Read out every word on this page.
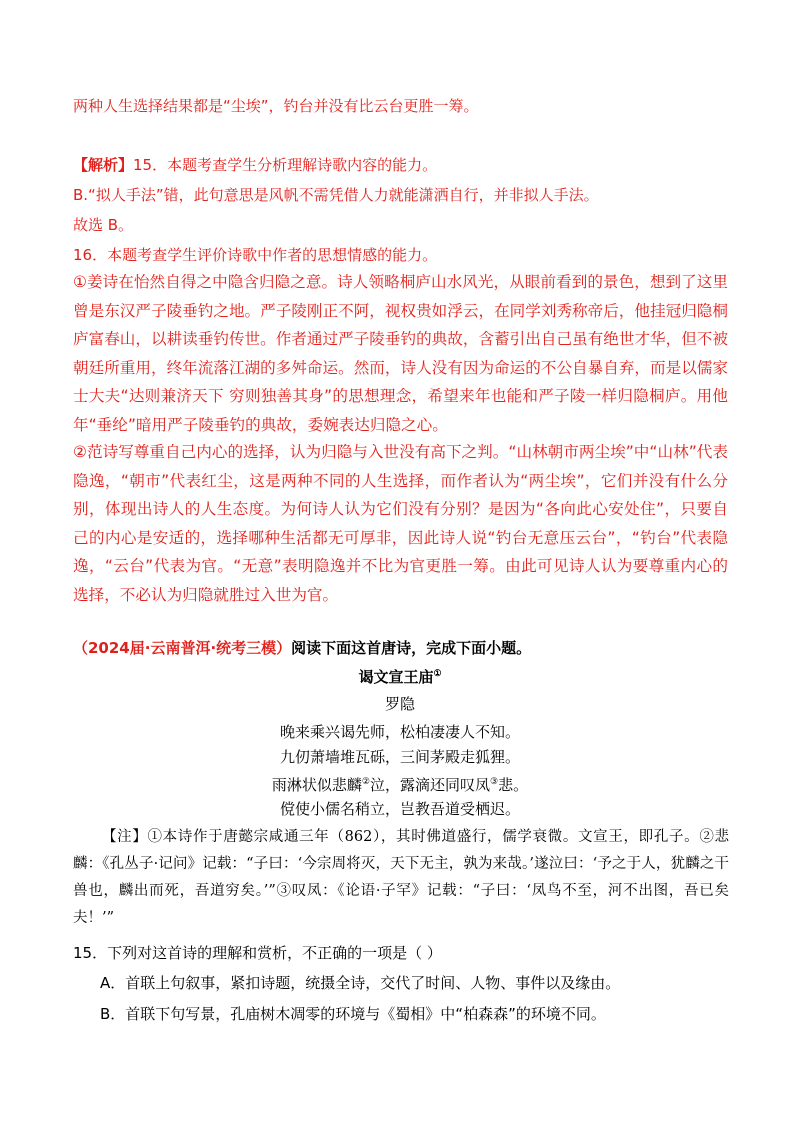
两种人生选择结果都是“尘埃”，钓台并没有比云台更胜一筹。
【解析】15．本题考查学生分析理解诗歌内容的能力。
B.“拟人手法”错，此句意思是风帆不需凭借人力就能潇洒自行，并非拟人手法。
故选 B。
16．本题考查学生评价诗歌中作者的思想情感的能力。
①姜诗在怡然自得之中隐含归隐之意。诗人领略桐庐山水风光，从眼前看到的景色，想到了这里曾是东汉严子陵垂钓之地。严子陵刚正不阿，视权贵如浮云，在同学刘秀称帝后，他挂冠归隐桐庐富春山，以耕读垂钓传世。作者通过严子陵垂钓的典故，含蓄引出自己虽有绝世才华，但不被朝廷所重用，终年流落江湖的多舛命运。然而，诗人没有因为命运的不公自暴自弃，而是以儒家士大夫“达则兼济天下 穷则独善其身”的思想理念，希望来年也能和严子陵一样归隐桐庐。用他年“垂纶”暗用严子陵垂钓的典故，委婉表达归隐之心。
②范诗写尊重自己内心的选择，认为归隐与入世没有高下之判。“山林朝市两尘埃”中“山林”代表隐逸，“朝市”代表红尘，这是两种不同的人生选择，而作者认为“两尘埃”，它们并没有什么分别，体现出诗人的人生态度。为何诗人认为它们没有分别？是因为“各向此心安处住”，只要自己的内心是安适的，选择哪种生活都无可厚非，因此诗人说“钓台无意压云台”，“钓台”代表隐逸，“云台”代表为官。“无意”表明隐逸并不比为官更胜一筹。由此可见诗人认为要尊重内心的选择，不必认为归隐就胜过入世为官。
（2024届·云南普洱·统考三模）阅读下面这首唐诗，完成下面小题。
谒文宣王庙①
罗隐
晚来乘兴谒先师，松柏凄凄人不知。
九仞萧墙堆瓦砾，三间茅殿走狐狸。
雨淋状似悲麟②泣，露滴还同叹凤③悲。
傥使小儒名稍立，岂教吾道受栖迟。
【注】①本诗作于唐懿宗咸通三年（862），其时佛道盛行，儒学衰微。文宣王，即孔子。②悲麟：《孔丛子·记问》记载：“子曰：‘今宗周将灭，天下无主，孰为来哉。’遂泣曰：‘予之于人，犹麟之干兽也，麟出而死，吾道穷矣。’”③叹凤：《论语·子罕》记载：“子曰：‘凤鸟不至，河不出图，吾已矣夫！’”
15．下列对这首诗的理解和赏析，不正确的一项是（ ）
A．首联上句叙事，紧扣诗题，统摄全诗，交代了时间、人物、事件以及缘由。
B．首联下句写景，孔庙树木凋零的环境与《蜀相》中“柏森森”的环境不同。
